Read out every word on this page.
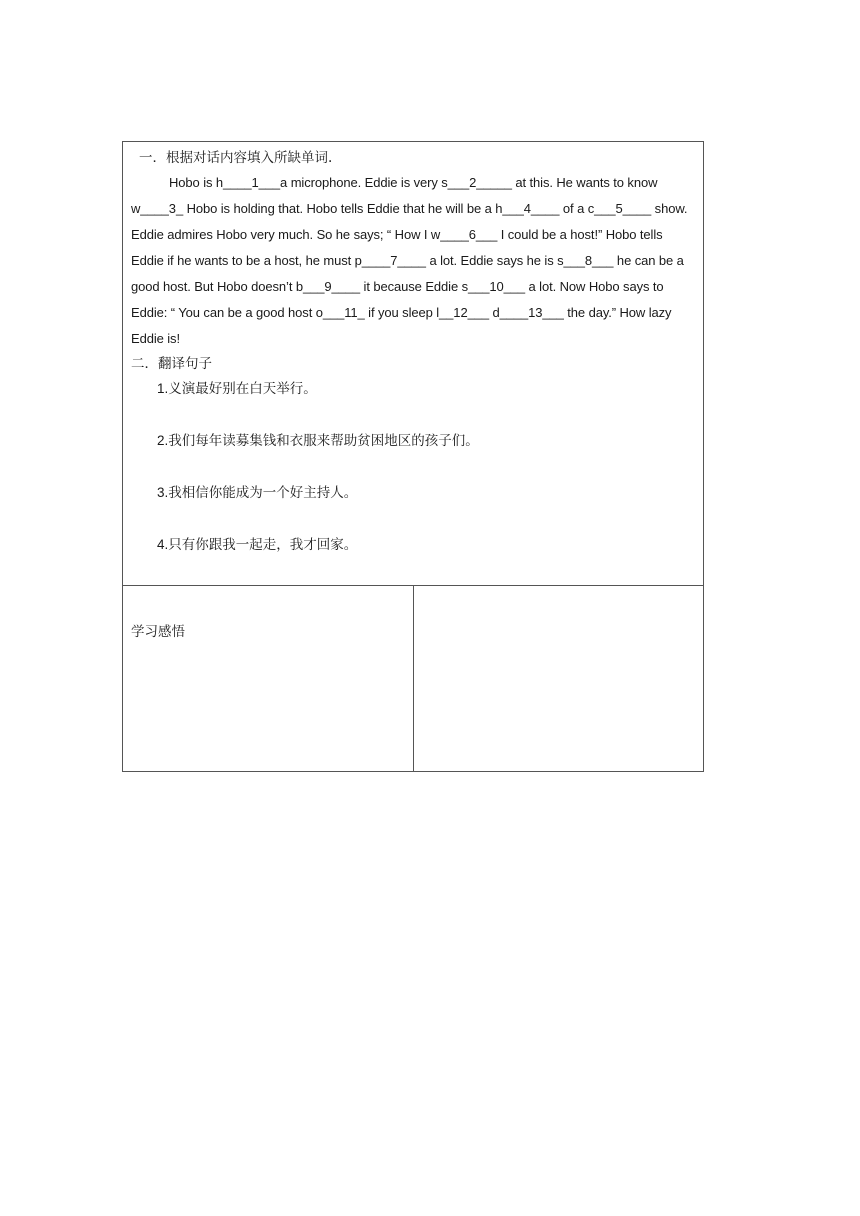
一．根据对话内容填入所缺单词.

Hobo is h____1___a microphone. Eddie is very s___2_____ at this. He wants to know w____3_ Hobo is holding that. Hobo tells Eddie that he will be a h___4____ of a c___5____ show. Eddie admires Hobo very much. So he says; “ How I w____6___ I could be a host!” Hobo tells Eddie if he wants to be a host, he must p____7____ a lot. Eddie says he is s___8___ he can be a good host. But Hobo doesn’t b___9____ it because Eddie s___10___ a lot. Now Hobo says to Eddie: “ You can be a good host o___11_ if you sleep l__12___ d____13___ the day.” How lazy Eddie is!

二．翻译句子

1.义演最好别在白天举行。
2.我们每年读募集钱和衣服来帮助贫困地区的孩子们。
3.我相信你能成为一个好主持人。
4.只有你跟我一起走，我才回家。

学习感悟
